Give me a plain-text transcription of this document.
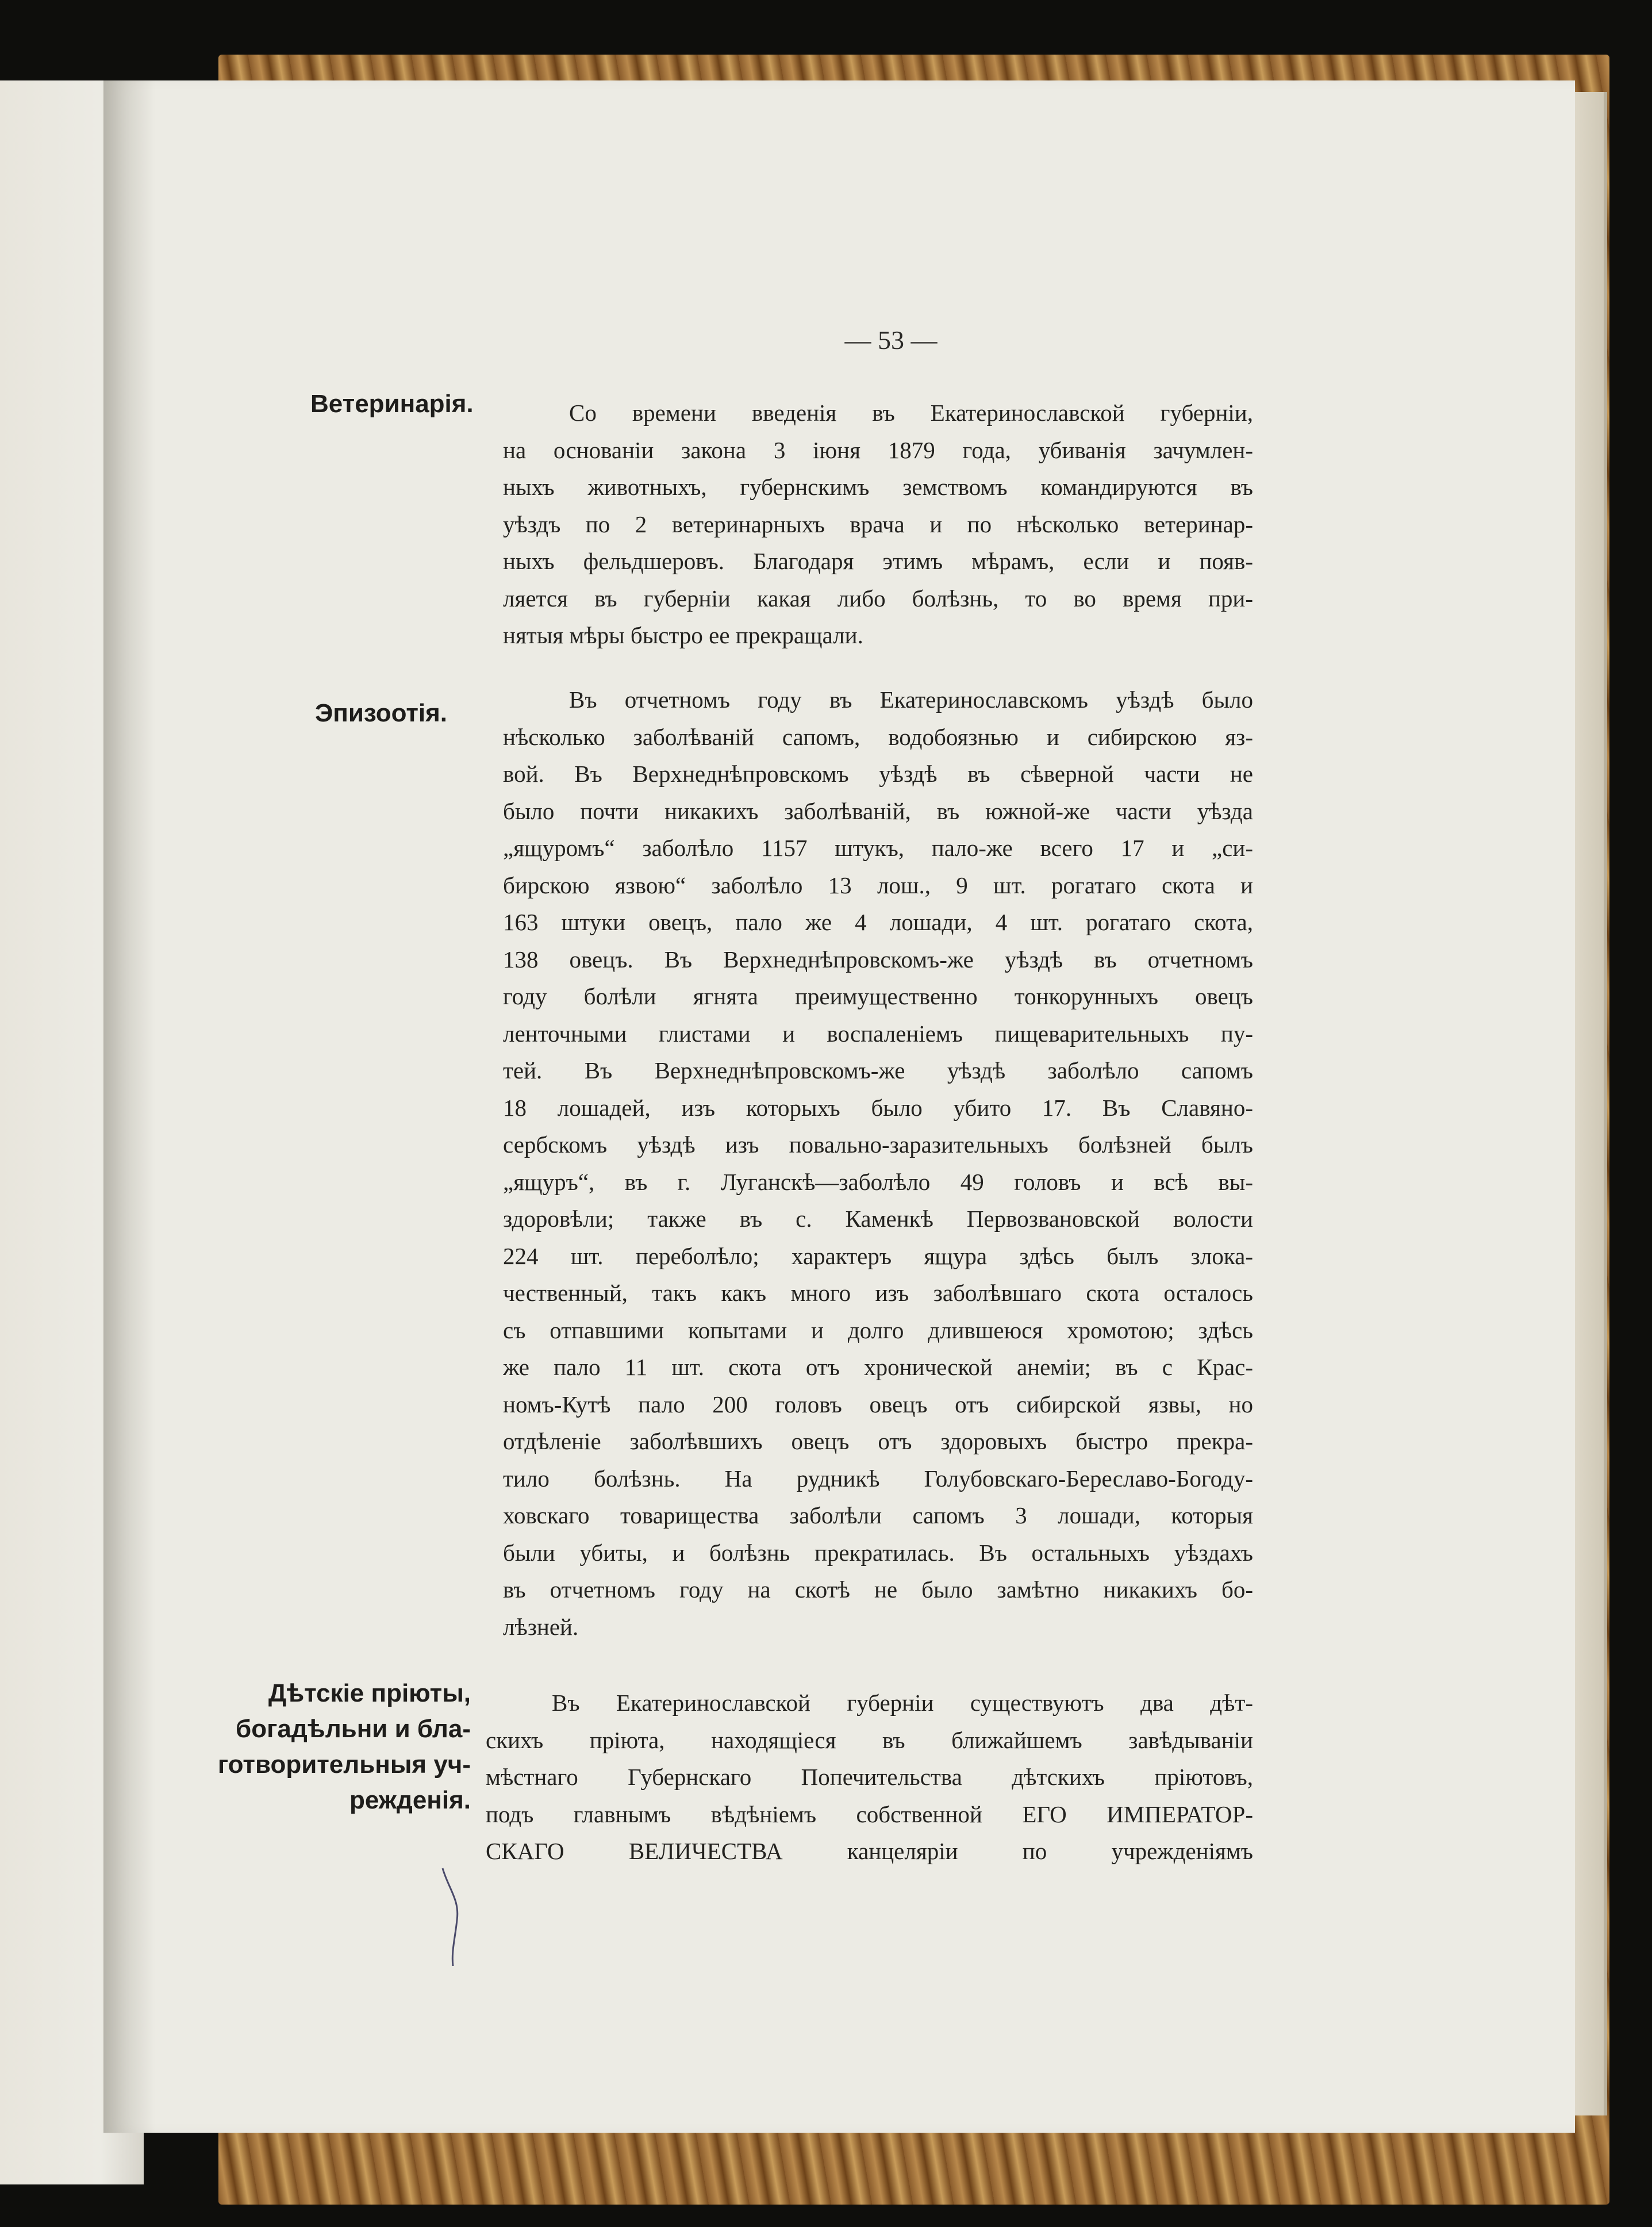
— 53 —
Ветеринарія.
Эпизоотія.
Дѣтскіе пріюты,
богадѣльни и бла-
готворительныя уч-
режденія.
Со времени введенія въ Екатеринославской губерніи,
на основаніи закона 3 іюня 1879 года, убиванія зачумлен-
ныхъ животныхъ, губернскимъ земствомъ командируются въ
уѣздъ по 2 ветеринарныхъ врача и по нѣсколько ветеринар-
ныхъ фельдшеровъ. Благодаря этимъ мѣрамъ, если и появ-
ляется въ губерніи какая либо болѣзнь, то во время при-
нятыя мѣры быстро ее прекращали.
Въ отчетномъ году въ Екатеринославскомъ уѣздѣ было
нѣсколько заболѣваній сапомъ, водобоязнью и сибирскою яз-
вой. Въ Верхнеднѣпровскомъ уѣздѣ въ сѣверной части не
было почти никакихъ заболѣваній, въ южной-же части уѣзда
„ящуромъ“ заболѣло 1157 штукъ, пало-же всего 17 и „си-
бирскою язвою“ заболѣло 13 лош., 9 шт. рогатаго скота и
163 штуки овецъ, пало же 4 лошади, 4 шт. рогатаго скота,
138 овецъ. Въ Верхнеднѣпровскомъ-же уѣздѣ въ отчетномъ
году болѣли ягнята преимущественно тонкорунныхъ овецъ
ленточными глистами и воспаленіемъ пищеварительныхъ пу-
тей. Въ Верхнеднѣпровскомъ-же уѣздѣ заболѣло сапомъ
18 лошадей, изъ которыхъ было убито 17. Въ Славяно-
сербскомъ уѣздѣ изъ повально-заразительныхъ болѣзней былъ
„ящуръ“, въ г. Луганскѣ—заболѣло 49 головъ и всѣ вы-
здоровѣли; также въ с. Каменкѣ Первозвановской волости
224 шт. переболѣло; характеръ ящура здѣсь былъ злока-
чественный, такъ какъ много изъ заболѣвшаго скота осталось
съ отпавшими копытами и долго длившеюся хромотою; здѣсь
же пало 11 шт. скота отъ хронической анеміи; въ с Крас-
номъ-Кутѣ пало 200 головъ овецъ отъ сибирской язвы, но
отдѣленіе заболѣвшихъ овецъ отъ здоровыхъ быстро прекра-
тило болѣзнь. На рудникѣ Голубовскаго-Береславо-Богоду-
ховскаго товарищества заболѣли сапомъ 3 лошади, которыя
были убиты, и болѣзнь прекратилась. Въ остальныхъ уѣздахъ
въ отчетномъ году на скотѣ не было замѣтно никакихъ бо-
лѣзней.
Въ Екатеринославской губерніи существуютъ два дѣт-
скихъ пріюта, находящіеся въ ближайшемъ завѣдываніи
мѣстнаго Губернскаго Попечительства дѣтскихъ пріютовъ,
подъ главнымъ вѣдѣніемъ собственной ЕГО ИМПЕРАТОР-
СКАГО ВЕЛИЧЕСТВА канцеляріи по учрежденіямъ
